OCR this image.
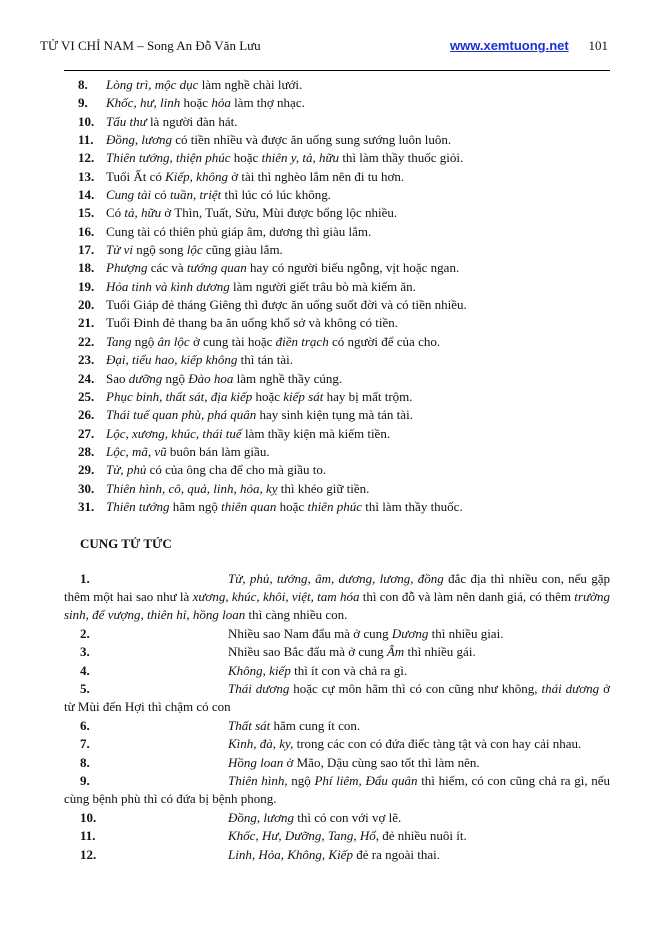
TỬ VI CHỈ NAM – Song An Đỗ Văn Lưu	www.xemtuong.net 101
8. Lòng trì, mộc dục làm nghề chài lưới.
9. Khốc, hư, linh hoặc hỏa làm thợ nhạc.
10. Tấu thư là người đàn hát.
11. Đồng, lương có tiền nhiều và được ăn uống sung sướng luôn luôn.
12. Thiên tướng, thiện phúc hoặc thiên y, tả, hữu thì làm thầy thuốc giỏi.
13. Tuổi Ất có Kiếp, không ở tài thì nghèo lắm nên đi tu hơn.
14. Cung tài có tuần, triệt thì lúc có lúc không.
15. Có tả, hữu ở Thìn, Tuất, Sửu, Mùi được bổng lộc nhiều.
16. Cung tài có thiên phủ giáp âm, dương thì giàu lắm.
17. Tử vi ngộ song lộc cũng giàu lắm.
18. Phượng các và tướng quan hay có người biếu ngỗng, vịt hoặc ngan.
19. Hỏa tinh và kình dương làm người giết trâu bò mà kiếm ăn.
20. Tuổi Giáp đẻ tháng Giêng thì được ăn uống suốt đời và có tiền nhiều.
21. Tuổi Đinh đẻ thang ba ăn uống khổ sở và không có tiền.
22. Tang ngộ ân lộc ở cung tài hoặc điền trạch có người để của cho.
23. Đại, tiểu hao, kiếp không thì tán tài.
24. Sao dưỡng ngộ Đào hoa làm nghề thầy cúng.
25. Phục binh, thất sát, địa kiếp hoặc kiếp sát hay bị mất trộm.
26. Thái tuế quan phù, phá quân hay sinh kiện tụng mà tán tài.
27. Lộc, xương, khúc, thái tuế làm thầy kiện mà kiếm tiền.
28. Lộc, mã, vũ buôn bán làm giầu.
29. Tử, phủ có của ông cha để cho mà giầu to.
30. Thiên hình, cô, quả, linh, hỏa, kỵ thì khéo giữ tiền.
31. Thiên tướng hãm ngộ thiên quan hoặc thiên phúc thì làm thầy thuốc.
CUNG TỬ TỨC
1.	Tử, phủ, tướng, âm, dương, lương, đồng đắc địa thì nhiều con, nếu gặp thêm một hai sao như là xương, khúc, khôi, việt, tam hóa thì con đỗ và làm nên danh giá, có thêm trường sinh, đế vượng, thiên hỉ, hồng loan thì càng nhiều con.
2.	Nhiều sao Nam đẩu mà ở cung Dương thì nhiều giai.
3.	Nhiều sao Bắc đẩu mà ở cung Âm thì nhiều gái.
4.	Không, kiếp thì ít con và chả ra gì.
5.	Thái dương hoặc cự môn hãm thì có con cũng như không, thái dương ở từ Mùi đến Hợi thì chậm có con
6.	Thất sát hãm cung ít con.
7.	Kình, đà, ky, trong các con có đứa điếc tàng tật và con hay cải nhau.
8.	Hồng loan ở Mão, Dậu cùng sao tốt thì làm nên.
9.	Thiên hình, ngộ Phí liêm, Đẩu quân thì hiếm, có con cũng chả ra gì, nếu cùng bệnh phù thì có đứa bị bệnh phong.
10.	Đồng, lương thì có con với vợ lẽ.
11.	Khốc, Hư, Dưỡng, Tang, Hổ, đẻ nhiều nuôi ít.
12.	Linh, Hỏa, Không, Kiếp đẻ ra ngoài thai.
